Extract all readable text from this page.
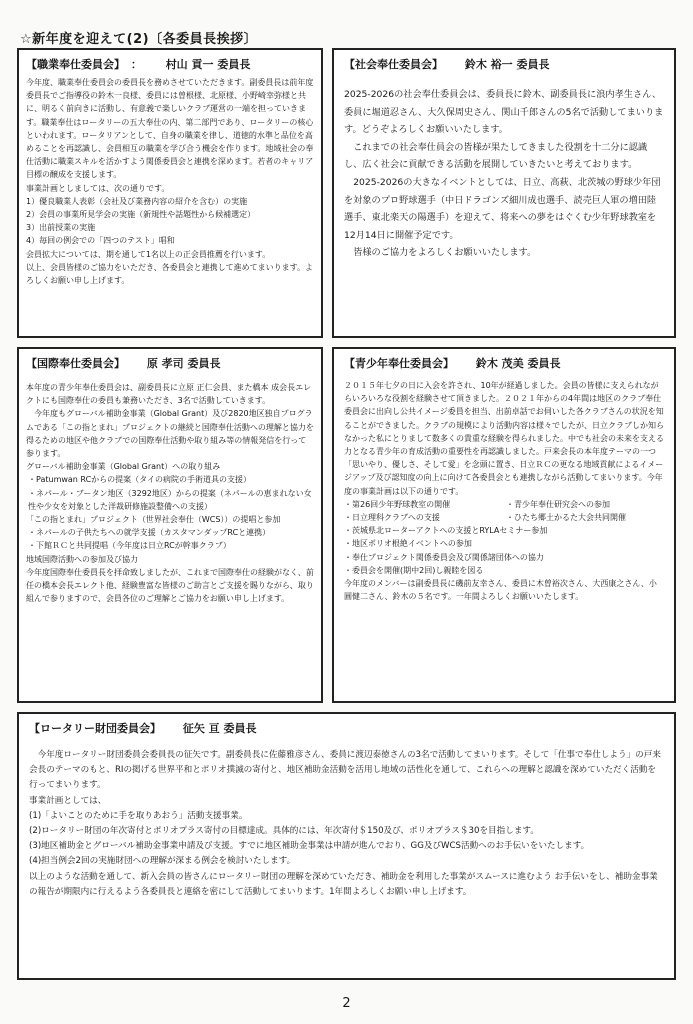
☆新年度を迎えて(2)〔各委員長挨拶〕
【職業奉仕委員会】 ： 村山 貢一 委員長

今年度、職業奉仕委員会の委員長を務めさせていただきます。副委員長は前年度委員長でご指導役の鈴木一良様、委員には曽根様、北原様、小野崎幸弥様と共に、明るく前向きに活動し、有意義で楽しいクラブ運営の一端を担っていきます。職業奉仕はロータリーの五大奉仕の内、第二部門であり、ロータリーの核心といわれます。ロータリアンとして、自身の職業を律し、道徳的水準と品位を高めることを再認識し、会員相互の職業を学び合う機会を作ります。地域社会の奉仕活動に職業スキルを活かすよう関係委員会と連携を深めます。若者のキャリア目標の醸成を支援します。

事業計画としましては、次の通りです。

1）優良職業人表彰（会社及び業務内容の紹介を含む）の実施

2）会員の事業所見学会の実施（新規性や話題性から候補選定）

3）出前授業の実施

4）毎回の例会での「四つのテスト」唱和

会員拡大については、期を通して1名以上の正会員推薦を行います。

以上、会員皆様のご協力をいただき、各委員会と連携して進めてまいります。よろしくお願い申し上げます。

【社会奉仕委員会】 鈴木 裕一 委員長

2025-2026の社会奉仕委員会は、委員長に鈴木、副委員長に浪内孝生さん、委員に堀道忍さん、大久保周史さん、関山千郎さんの5名で活動してまいります。どうぞよろしくお願いいたします。

これまでの社会奉仕員会の皆様が果たしてきました役割を十二分に認識し、広く社会に貢献できる活動を展開していきたいと考えております。

2025-2026の大きなイベントとしては、日立、高萩、北茨城の野球少年団を対象のプロ野球選手（中日ドラゴンズ細川成也選手、読売巨人軍の増田陸選手、東北楽天の陽選手）を迎えて、将来への夢をはぐくむ少年野球教室を12月14日に開催予定です。

皆様のご協力をよろしくお願いいたします。

【国際奉仕委員会】 原 孝司 委員長

本年度の青少年奉仕委員会は、副委員長に立原 正仁会員、また橋本 成会長エレクトにも国際奉仕の委員も兼務いただき、3名で活動していきます。

今年度もグローバル補助金事業（Global Grant）及び2820地区独自プログラムである「この指とまれ」プロジェクトの継続と国際奉仕活動への理解と協力を得るための地区や他クラブでの国際奉仕活動や取り組み等の情報発信を行って参ります。

グローバル補助金事業（Global Grant）への取り組み

・Patumwan RCからの提案（タイの病院の手術道具の支援）

・ネパール・ブータン地区（3292地区）からの提案（ネパールの恵まれない女性や少女を対象とした洋裁研修施設整備への支援）

「この指とまれ」プロジェクト（世界社会奉仕（WCS））の提唱と参加

・ネパールの子供たちへの就学支援（カスタマンダップRCと連携）

・下館ＲＣと共同提唱（今年度は日立RCが幹事クラブ）

地域国際活動への参加及び協力

今年度国際奉仕委員長を拝命致しましたが、これまで国際奉仕の経験がなく、前任の橋本会長エレクト他、経験豊富な皆様のご助言とご支援を賜りながら、取り組んで参りますので、会員各位のご理解とご協力をお願い申し上げます。

【青少年奉仕委員会】 鈴木 茂美 委員長

２０１５年七夕の日に入会を許され、10年が経過しました。会員の皆様に支えられながらいろいろな役割を経験させて頂きました。２０２１年からの4年間は地区のクラブ奉仕委員会に出向し公共イメージ委員を担当、出前卓話でお伺いした各クラブさんの状況を知ることができました。クラブの規模により活動内容は様々でしたが、日立クラブしか知らなかった私にとりまして数多くの貴重な経験を得られました。中でも社会の未来を支える力となる青少年の育成活動の重要性を再認識しました。戸来会長の本年度テーマの一つ「思いやり、優しさ、そして愛」を念頭に置き、日立ＲＣの更なる地域貢献によるイメージアップ及び認知度の向上に向けて各委員会とも連携しながら活動してまいります。今年度の事業計画は以下の通りです。

・第26回少年野球教室の開催	・青少年奉仕研究会への参加
・日立理科クラブへの支援	・ひたち郷土かるた大会共同開催

・茨城県北ローターアクトへの支援とRYLAセミナー参加

・地区ポリオ根絶イベントへの参加

・奉仕プロジェクト関係委員会及び関係諸団体への協力

・委員会を開催(期中2回)し親睦を図る

今年度のメンバーは副委員長に磯前友幸さん、委員に木曽裕次さん、大西康之さん、小圓健二さん、鈴木の５名です。一年間よろしくお願いいたします。

【ロータリー財団委員会】 征矢 亘 委員長

今年度ロータリー財団委員会委員長の征矢です。副委員長に佐藤雅彦さん、委員に渡辺泰徳さんの3名で活動してまいります。そして「仕事で奉仕しよう」の戸来会長のテーマのもと、RIの掲げる世界平和とポリオ撲滅の寄付と、地区補助金活動を活用し地域の活性化を通して、これらへの理解と認識を深めていただく活動を行ってまいります。

事業計画としては、

(1)「よいことのために手を取りあおう」活動支援事業。

(2)ロータリー財団の年次寄付とポリオプラス寄付の目標達成。具体的には、年次寄付＄150及び、ポリオプラス＄30を目指します。

(3)地区補助金とグローバル補助金事業申請及び支援。すでに地区補助金事業は申請が進んでおり、GG及びWCS活動へのお手伝いをいたします。

(4)担当例会2回の実施財団への理解が深まる例会を検討いたします。

以上のような活動を通して、新入会員の皆さんにロータリー財団の理解を深めていただき、補助金を利用した事業がスムースに進むよう お手伝いをし、補助金事業の報告が期限内に行えるよう各委員長と連絡を密にして活動してまいります。1年間よろしくお願い申し上げます。

2
